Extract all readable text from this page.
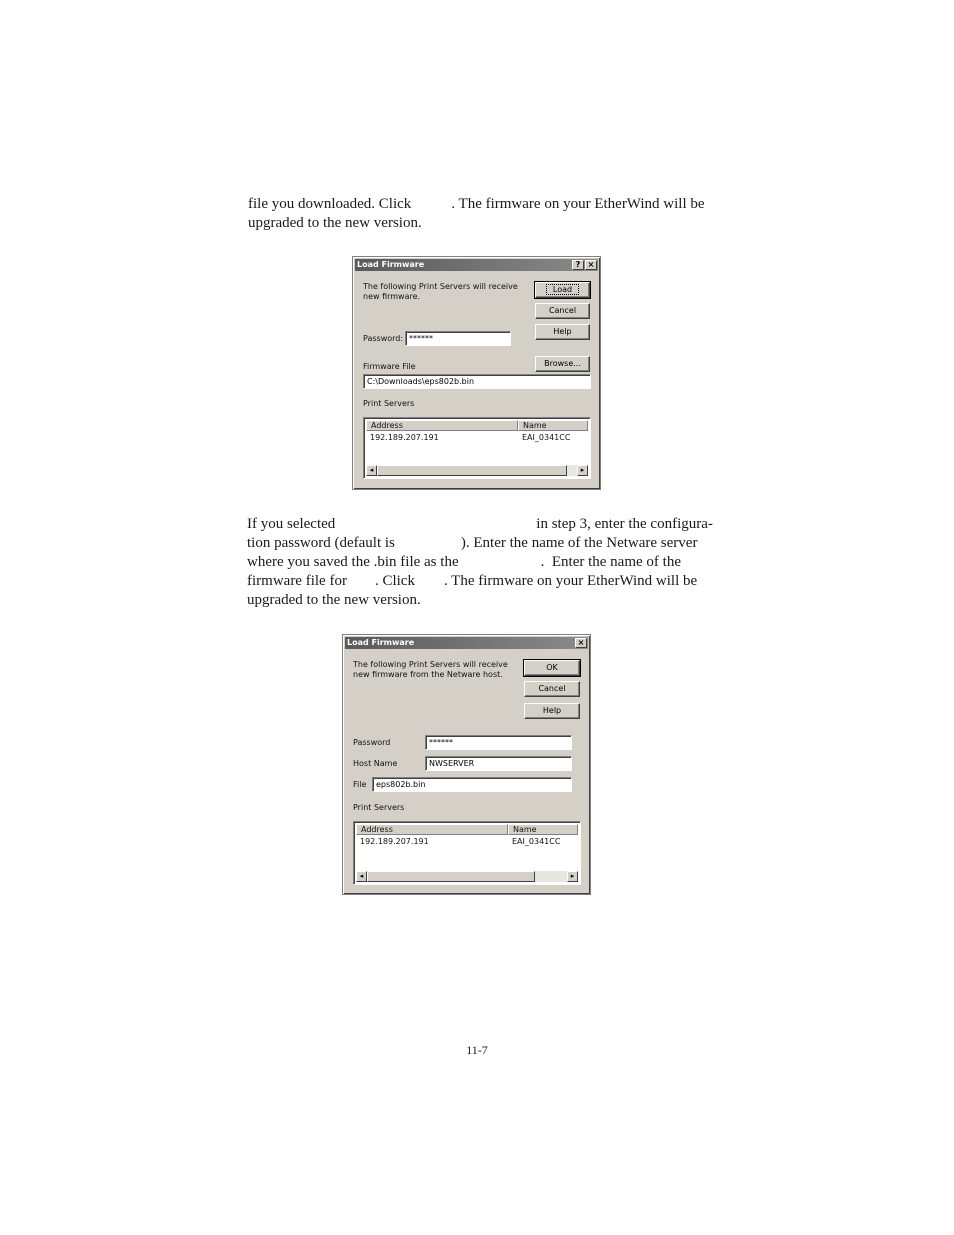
file you downloaded. Click	. The firmware on your EtherWind will be
upgraded to the new version.
Load Firmware	? ×
The following Print Servers will receive new firmware.
Load
Cancel
Help
Password: ******
Browse...
Firmware File
C:\Downloads\eps802b.bin
Print Servers
Address	Name
192.189.207.191	EAI_0341CC
◂	▸
If you selected	in step 3, enter the configura-
tion password (default is	). Enter the name of the Netware server
where you saved the .bin file as the	.  Enter the name of the
firmware file for . Click . The firmware on your EtherWind will be
upgraded to the new version.
Load Firmware	×
The following Print Servers will receive new firmware from the Netware host.
OK
Cancel
Help
Password	******
Host Name	NWSERVER
File	eps802b.bin
Print Servers
Address	Name
192.189.207.191	EAI_0341CC
◂	▸
11-7
